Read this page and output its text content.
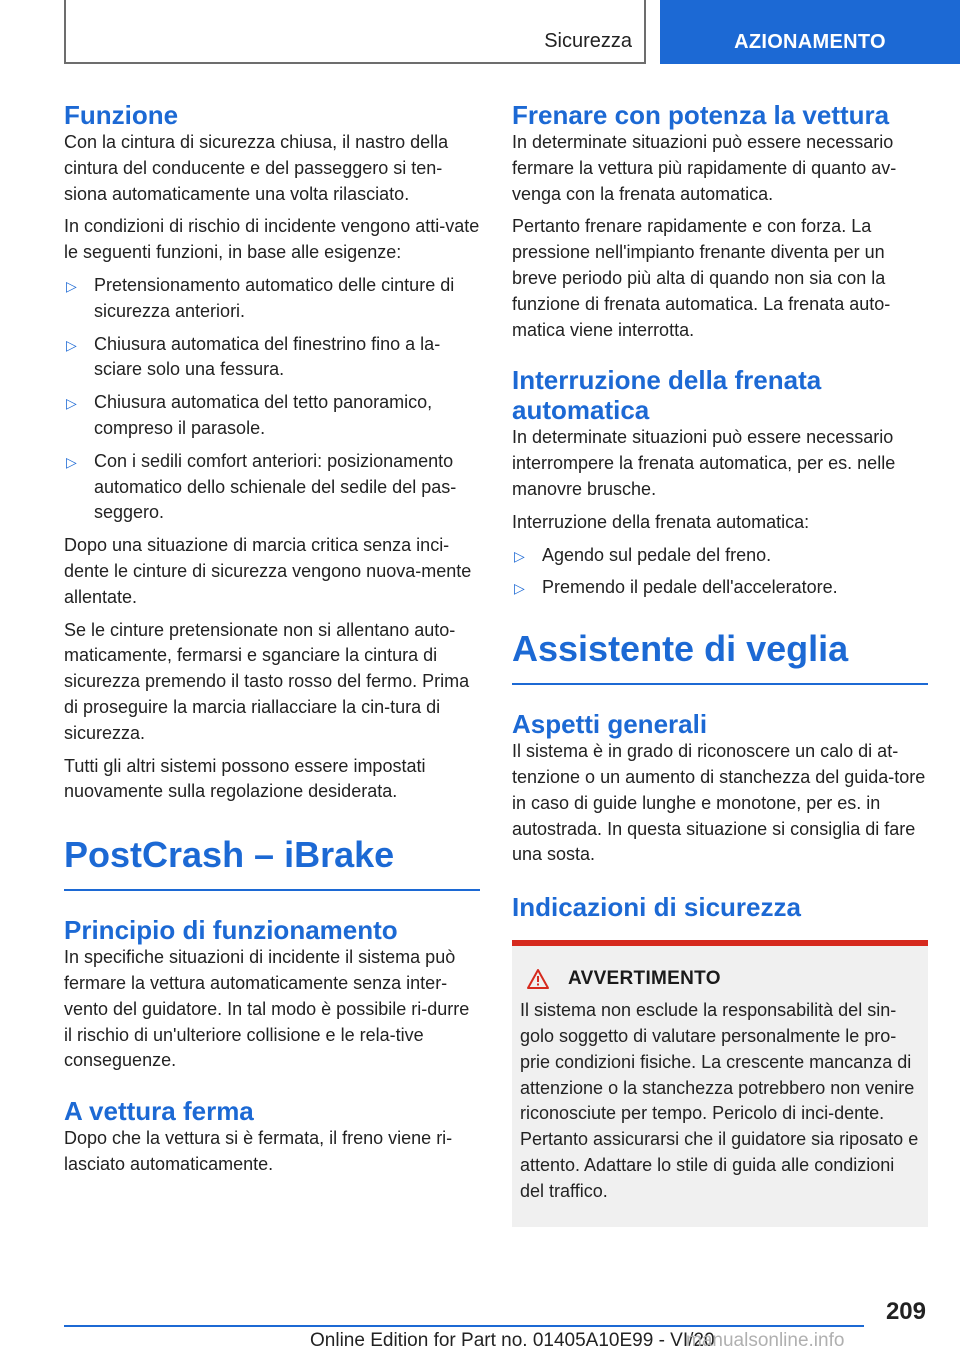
Sicurezza	AZIONAMENTO
Funzione

Con la cintura di sicurezza chiusa, il nastro della cintura del conducente e del passeggero si ten-siona automaticamente una volta rilasciato.

In condizioni di rischio di incidente vengono atti-vate le seguenti funzioni, in base alle esigenze:

▷ Pretensionamento automatico delle cinture di sicurezza anteriori.
▷ Chiusura automatica del finestrino fino a la-sciare solo una fessura.
▷ Chiusura automatica del tetto panoramico, compreso il parasole.
▷ Con i sedili comfort anteriori: posizionamento automatico dello schienale del sedile del pas-seggero.

Dopo una situazione di marcia critica senza inci-dente le cinture di sicurezza vengono nuova-mente allentate.

Se le cinture pretensionate non si allentano auto-maticamente, fermarsi e sganciare la cintura di sicurezza premendo il tasto rosso del fermo. Prima di proseguire la marcia riallacciare la cin-tura di sicurezza.

Tutti gli altri sistemi possono essere impostati nuovamente sulla regolazione desiderata.

PostCrash – iBrake
Principio di funzionamento

In specifiche situazioni di incidente il sistema può fermare la vettura automaticamente senza inter-vento del guidatore. In tal modo è possibile ri-durre il rischio di un'ulteriore collisione e le rela-tive conseguenze.

A vettura ferma

Dopo che la vettura si è fermata, il freno viene ri-lasciato automaticamente.

Frenare con potenza la vettura

In determinate situazioni può essere necessario fermare la vettura più rapidamente di quanto av-venga con la frenata automatica.

Pertanto frenare rapidamente e con forza. La pressione nell'impianto frenante diventa per un breve periodo più alta di quando non sia con la funzione di frenata automatica. La frenata auto-matica viene interrotta.

Interruzione della frenata automatica

In determinate situazioni può essere necessario interrompere la frenata automatica, per es. nelle manovre brusche.

Interruzione della frenata automatica:

▷ Agendo sul pedale del freno.
▷ Premendo il pedale dell'acceleratore.
Assistente di veglia
Aspetti generali

Il sistema è in grado di riconoscere un calo di at-tenzione o un aumento di stanchezza del guida-tore in caso di guide lunghe e monotone, per es. in autostrada. In questa situazione si consiglia di fare una sosta.

Indicazioni di sicurezza
AVVERTIMENTO

Il sistema non esclude la responsabilità del sin-golo soggetto di valutare personalmente le pro-prie condizioni fisiche. La crescente mancanza di attenzione o la stanchezza potrebbero non venire riconosciute per tempo. Pericolo di inci-dente. Pertanto assicurarsi che il guidatore sia riposato e attento. Adattare lo stile di guida alle condizioni del traffico.

209
Online Edition for Part no. 01405A10E99 - VI/20
manualsonline.info
